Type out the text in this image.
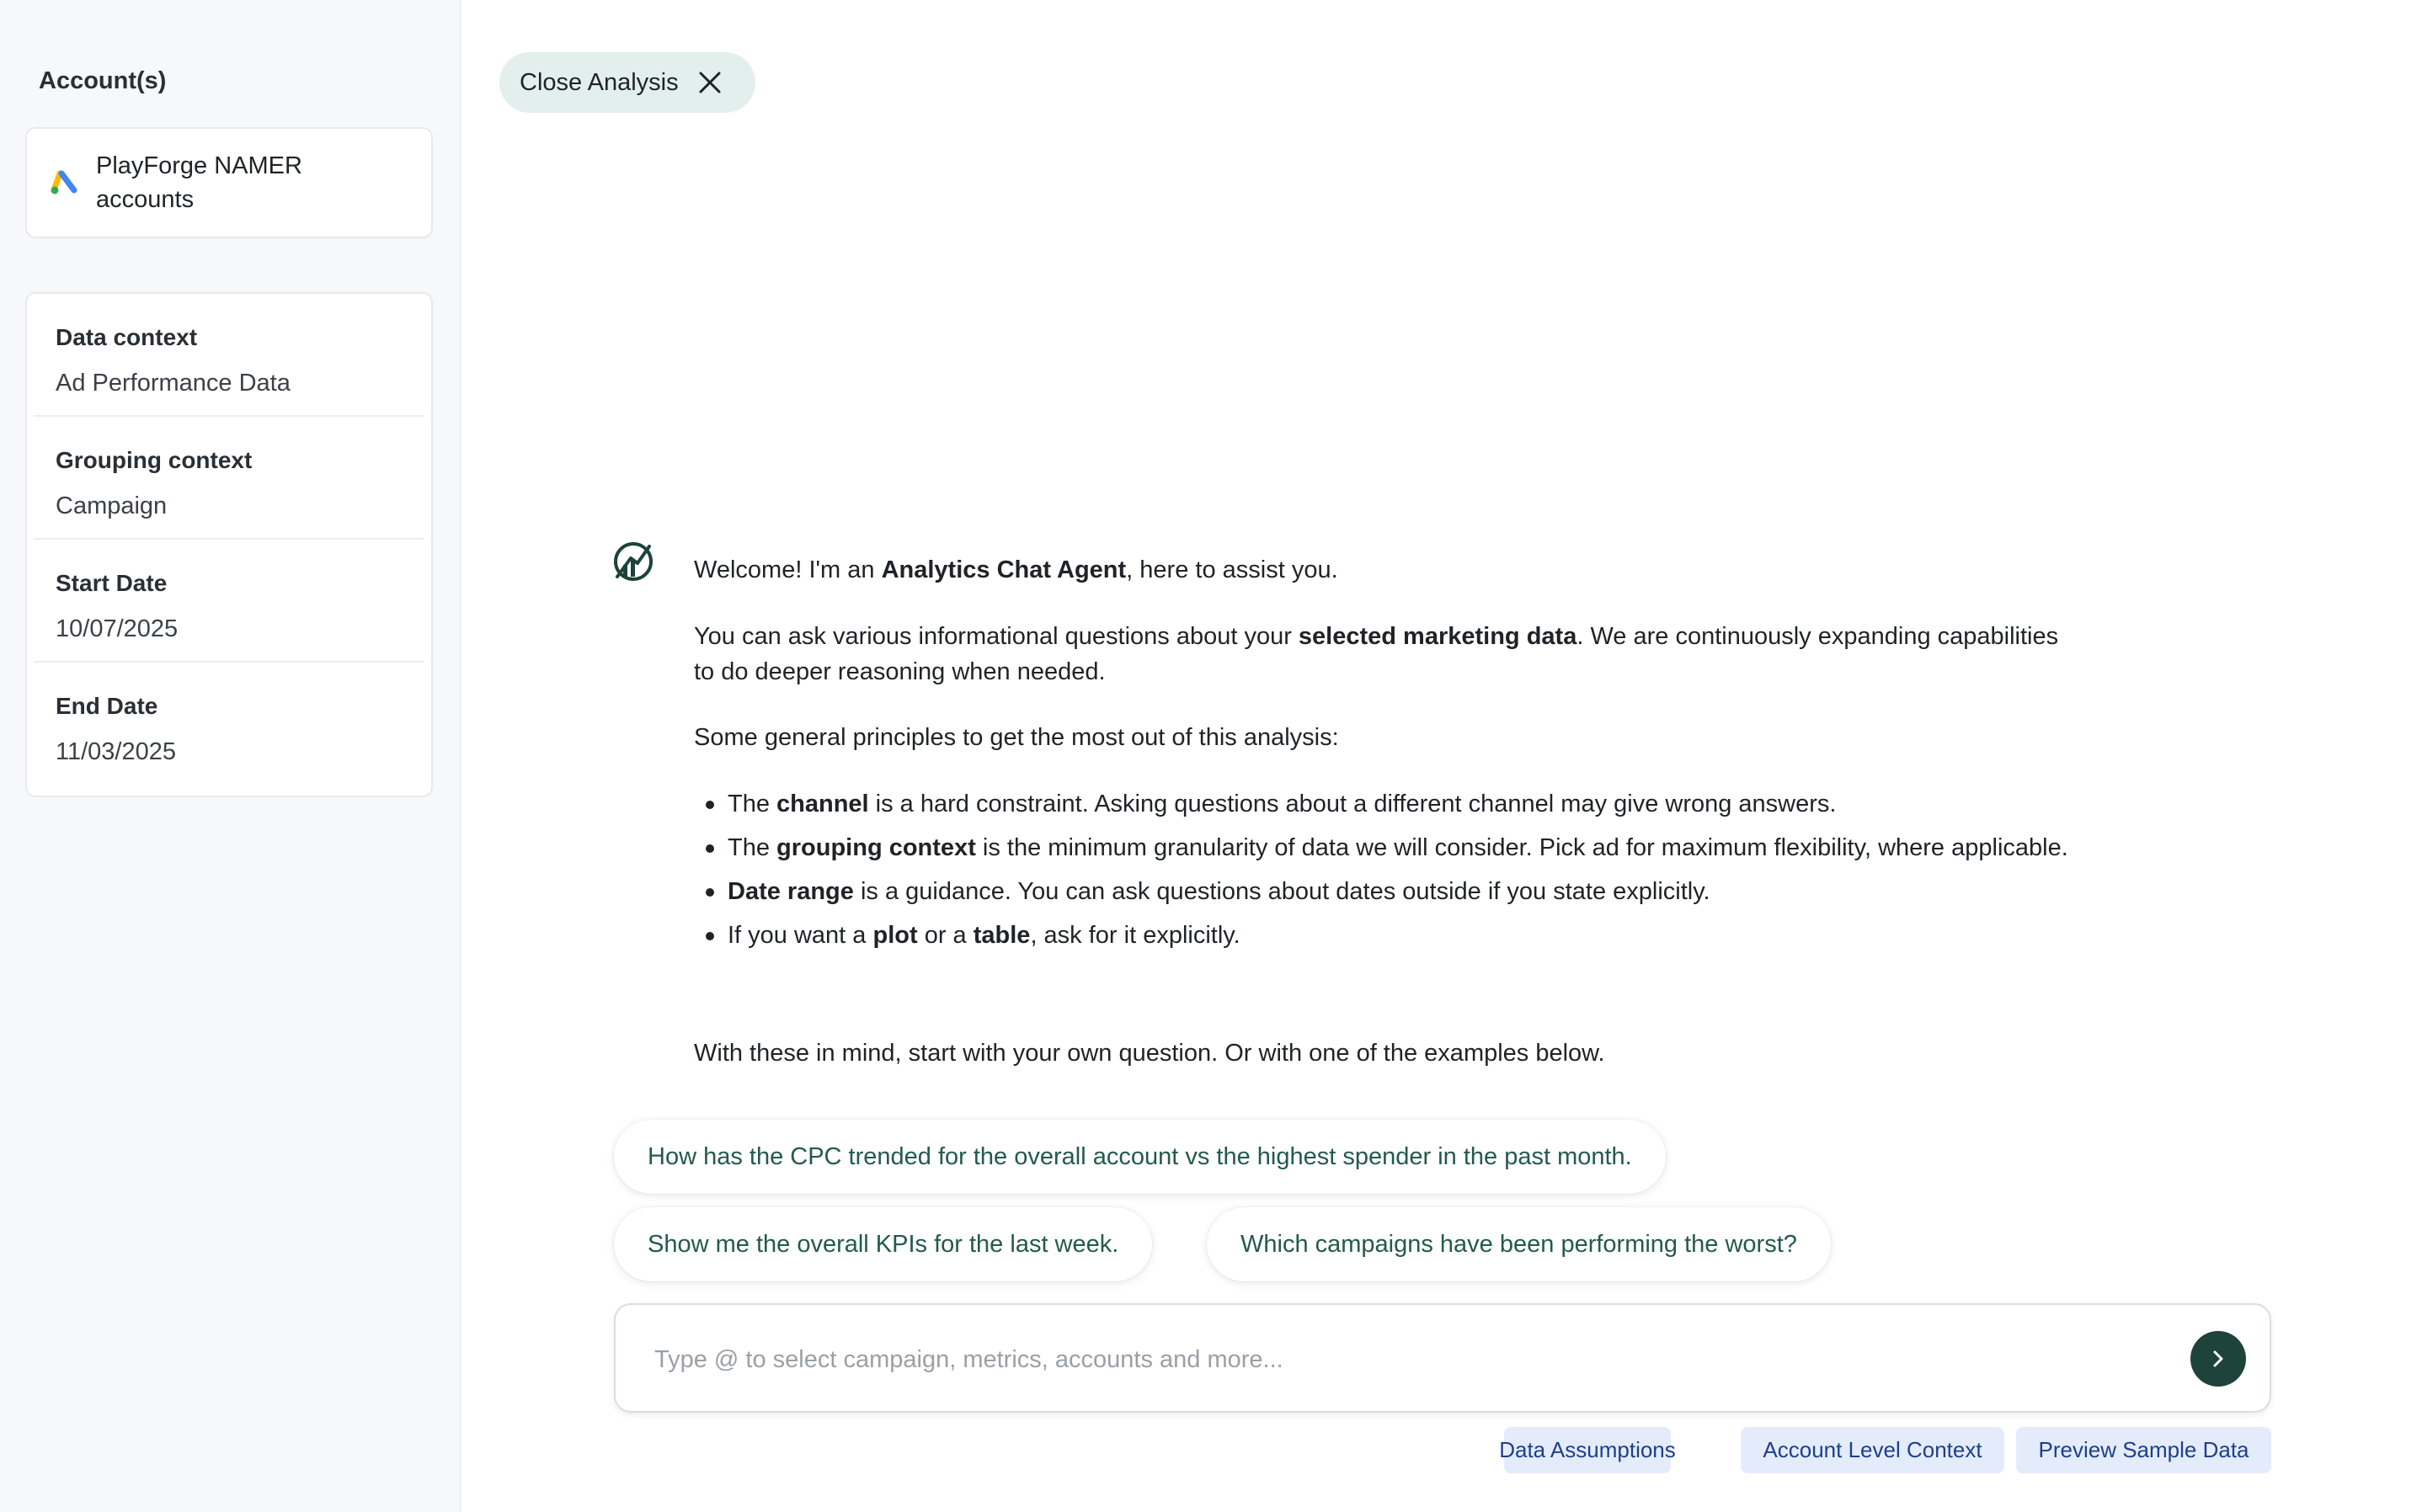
Account(s)
PlayForge NAMER accounts
Data context
Ad Performance Data
Grouping context
Campaign
Start Date
10/07/2025
End Date
11/03/2025
Close Analysis
Welcome! I'm an Analytics Chat Agent, here to assist you.
You can ask various informational questions about your selected marketing data. We are continuously expanding capabilities to do deeper reasoning when needed.
Some general principles to get the most out of this analysis:
The channel is a hard constraint. Asking questions about a different channel may give wrong answers.
The grouping context is the minimum granularity of data we will consider. Pick ad for maximum flexibility, where applicable.
Date range is a guidance. You can ask questions about dates outside if you state explicitly.
If you want a plot or a table, ask for it explicitly.
With these in mind, start with your own question. Or with one of the examples below.
How has the CPC trended for the overall account vs the highest spender in the past month.
Show me the overall KPIs for the last week.	Which campaigns have been performing the worst?
Type @ to select campaign, metrics, accounts and more...
Data Assumptions	Account Level Context	Preview Sample Data
